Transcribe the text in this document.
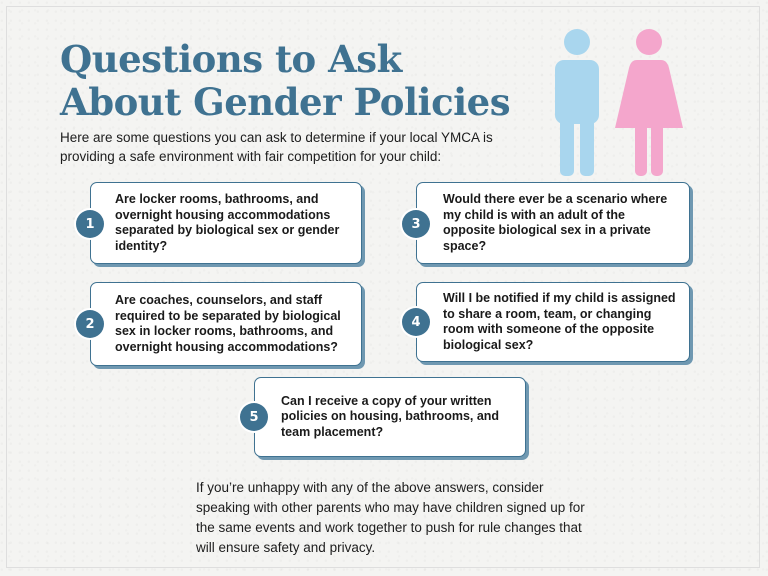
Questions to Ask About Gender Policies
Here are some questions you can ask to determine if your local YMCA is providing a safe environment with fair competition for your child:
Are locker rooms, bathrooms, and overnight housing accommodations separated by biological sex or gender identity?
1
Are coaches, counselors, and staff required to be separated by biological sex in locker rooms, bathrooms, and overnight housing accommodations?
2
Would there ever be a scenario where my child is with an adult of the opposite biological sex in a private space?
3
Will I be notified if my child is assigned to share a room, team, or changing room with someone of the opposite biological sex?
4
Can I receive a copy of your written policies on housing, bathrooms, and team placement?
5
If you’re unhappy with any of the above answers, consider speaking with other parents who may have children signed up for the same events and work together to push for rule changes that will ensure safety and privacy.
